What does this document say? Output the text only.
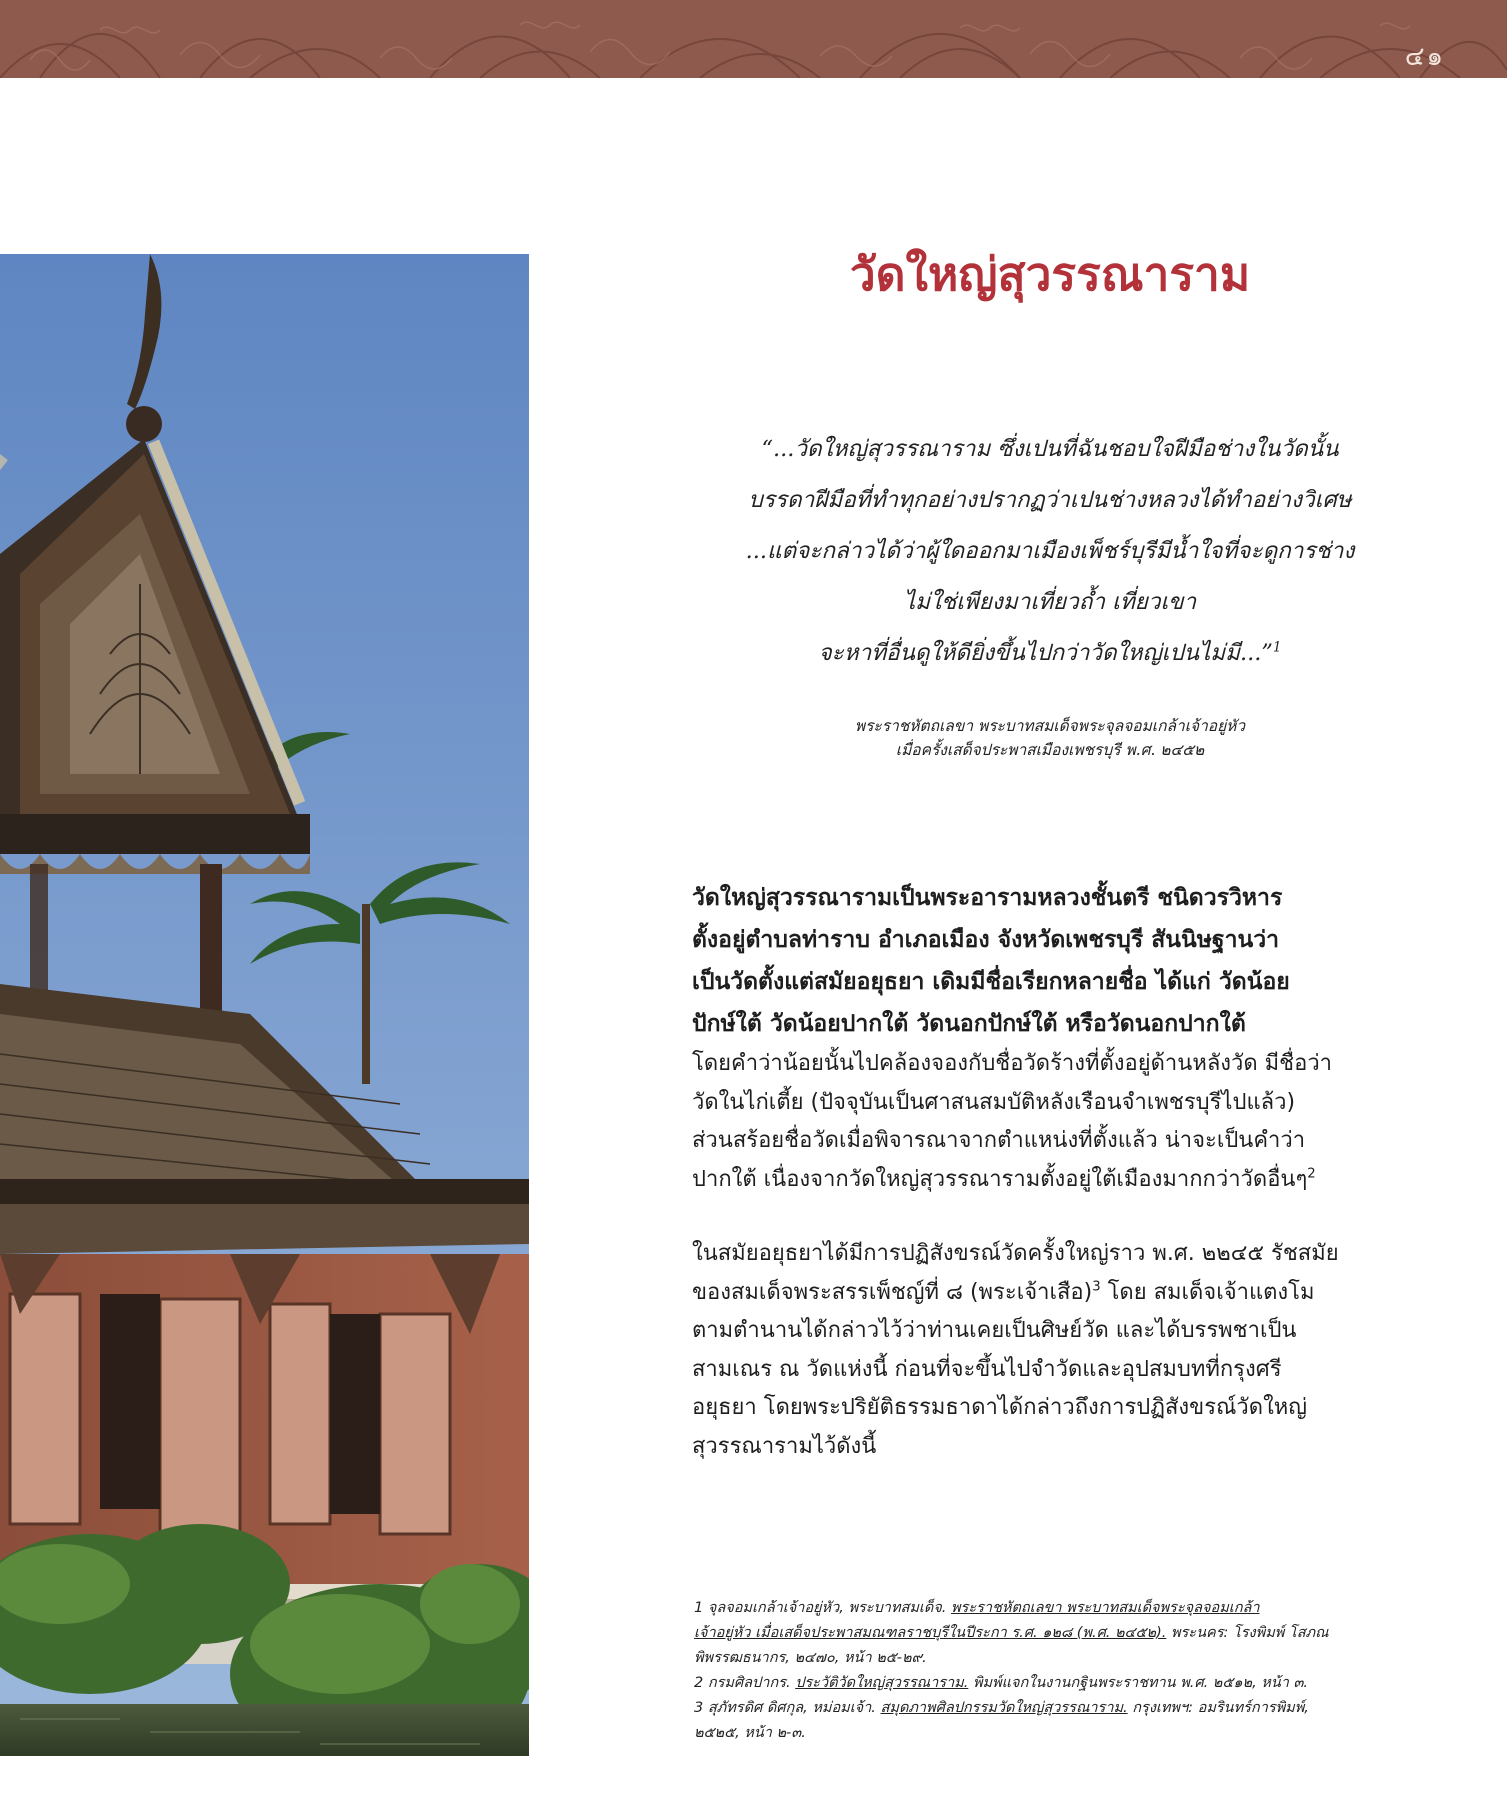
๔๑
วัดใหญ่สุวรรณาราม
“...วัดใหญ่สุวรรณาราม ซึ่งเปนที่ฉันชอบใจฝีมือช่างในวัดนั้น
บรรดาฝีมือที่ทำทุกอย่างปรากฏว่าเปนช่างหลวงได้ทำอย่างวิเศษ
...แต่จะกล่าวได้ว่าผู้ใดออกมาเมืองเพ็ชร์บุรีมีน้ำใจที่จะดูการช่าง
ไม่ใช่เพียงมาเที่ยวถ้ำ เที่ยวเขา
จะหาที่อื่นดูให้ดียิ่งขึ้นไปกว่าวัดใหญ่เปนไม่มี...”$^1$
พระราชหัตถเลขา พระบาทสมเด็จพระจุลจอมเกล้าเจ้าอยู่หัว
เมื่อครั้งเสด็จประพาสเมืองเพชรบุรี พ.ศ. ๒๔๕๒
วัดใหญ่สุวรรณารามเป็นพระอารามหลวงชั้นตรี ชนิดวรวิหาร
ตั้งอยู่ตำบลท่าราบ อำเภอเมือง จังหวัดเพชรบุรี สันนิษฐานว่า
เป็นวัดตั้งแต่สมัยอยุธยา เดิมมีชื่อเรียกหลายชื่อ ได้แก่ วัดน้อย
ปักษ์ใต้ วัดน้อยปากใต้ วัดนอกปักษ์ใต้ หรือวัดนอกปากใต้
โดยคำว่าน้อยนั้นไปคล้องจองกับชื่อวัดร้างที่ตั้งอยู่ด้านหลังวัด มีชื่อว่า
วัดในไก่เตี้ย (ปัจจุบันเป็นศาสนสมบัติหลังเรือนจำเพชรบุรีไปแล้ว)
ส่วนสร้อยชื่อวัดเมื่อพิจารณาจากตำแหน่งที่ตั้งแล้ว น่าจะเป็นคำว่า
ปากใต้ เนื่องจากวัดใหญ่สุวรรณารามตั้งอยู่ใต้เมืองมากกว่าวัดอื่นๆ$^2$
ในสมัยอยุธยาได้มีการปฏิสังขรณ์วัดครั้งใหญ่ราว พ.ศ. ๒๒๔๕ รัชสมัย
ของสมเด็จพระสรรเพ็ชญ์ที่ ๘ (พระเจ้าเสือ)$^3$ โดย สมเด็จเจ้าแตงโม
ตามตำนานได้กล่าวไว้ว่าท่านเคยเป็นศิษย์วัด และได้บรรพชาเป็น
สามเณร ณ วัดแห่งนี้ ก่อนที่จะขึ้นไปจำวัดและอุปสมบทที่กรุงศรี
อยุธยา โดยพระปริยัติธรรมธาดาได้กล่าวถึงการปฏิสังขรณ์วัดใหญ่
สุวรรณารามไว้ดังนี้
1 จุลจอมเกล้าเจ้าอยู่หัว, พระบาทสมเด็จ. พระราชหัตถเลขา พระบาทสมเด็จพระจุลจอมเกล้า
เจ้าอยู่หัว เมื่อเสด็จประพาสมณฑลราชบุรีในปีระกา ร.ศ. ๑๒๘ (พ.ศ. ๒๔๕๒). พระนคร: โรงพิมพ์ โสภณ
พิพรรฒธนากร, ๒๔๗๐, หน้า ๒๕-๒๙.
2 กรมศิลปากร. ประวัติวัดใหญ่สุวรรณาราม. พิมพ์แจกในงานกฐินพระราชทาน พ.ศ. ๒๕๑๒, หน้า ๓.
3 สุภัทรดิศ ดิศกุล, หม่อมเจ้า. สมุดภาพศิลปกรรมวัดใหญ่สุวรรณาราม. กรุงเทพฯ: อมรินทร์การพิมพ์,
๒๕๒๕, หน้า ๒-๓.
